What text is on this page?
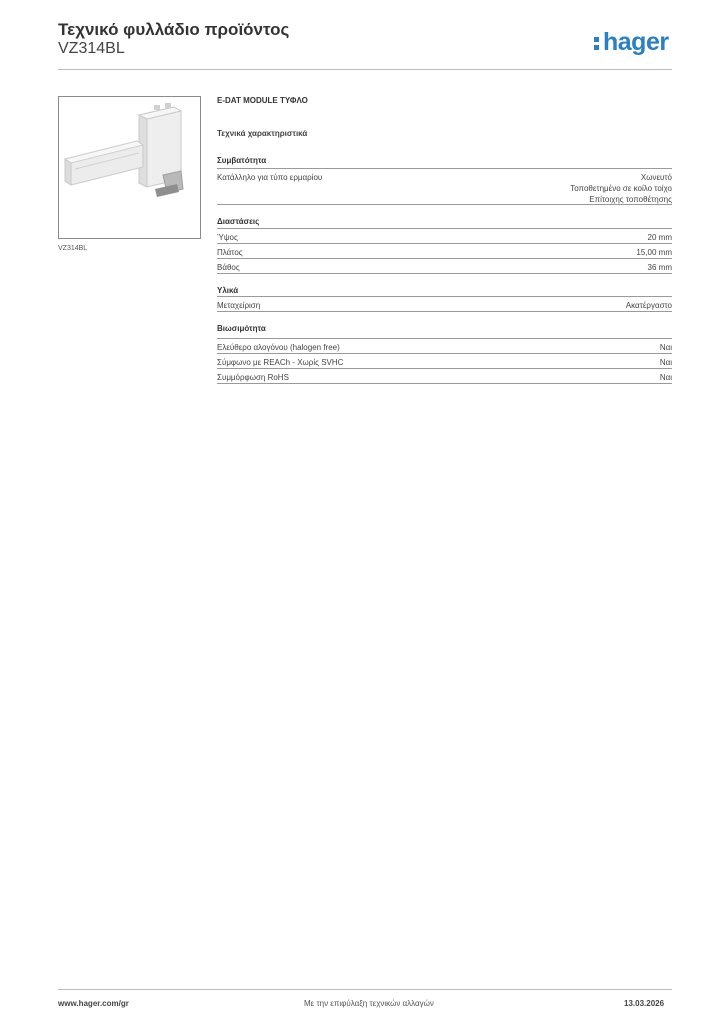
Τεχνικό φυλλάδιο προϊόντος
VZ314BL	hager
VZ314BL
E-DAT MODULE ΤΥΦΛΟ
Τεχνικά χαρακτηριστικά
Συμβατότητα
Κατάλληλο για τύπο ερμαρίου	Χωνευτό
Τοποθετημένο σε κοίλο τοίχο
Επίτοιχης τοποθέτησης
Διαστάσεις
Ύψος	20 mm
Πλάτος	15,00 mm
Βάθος	36 mm
Υλικά
Μεταχείριση	Ακατέργαστο
Βιωσιμότητα
Ελεύθερο αλογόνου (halogen free)	Ναι
Σύμφωνο με REACh - Χωρίς SVHC	Ναι
Συμμόρφωση RoHS	Ναι
www.hager.com/gr	Με την επιφύλαξη τεχνικών αλλαγών	13.03.2026
